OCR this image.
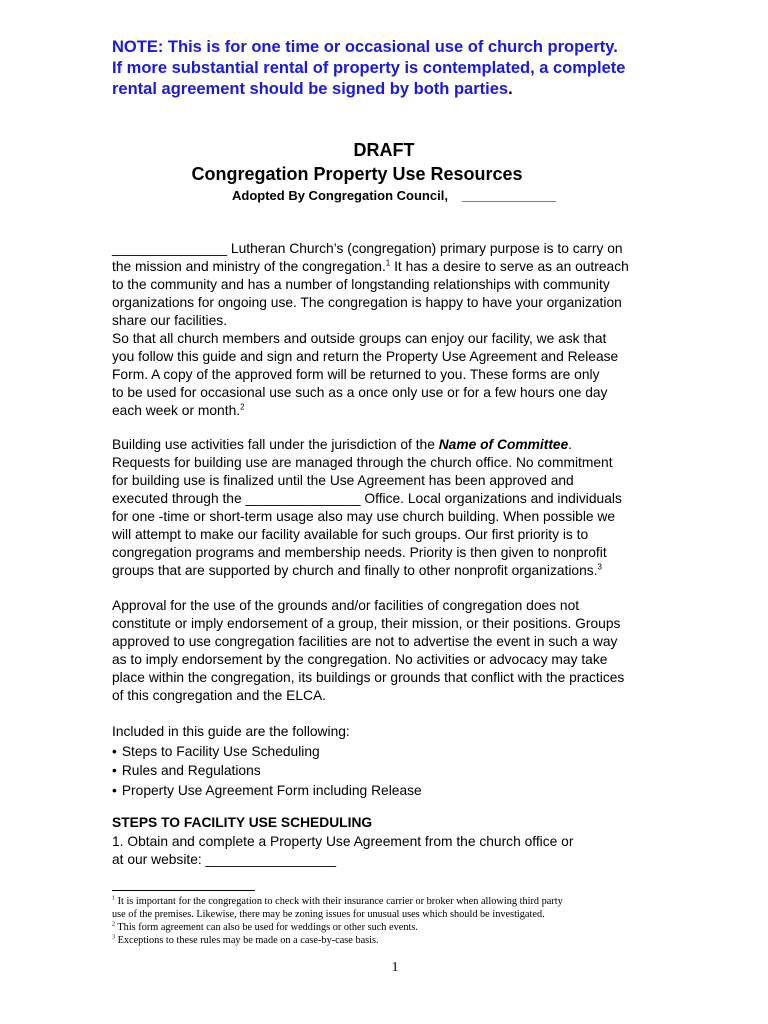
NOTE: This is for one time or occasional use of church property.
If more substantial rental of property is contemplated, a complete
rental agreement should be signed by both parties.
DRAFT
Congregation Property Use Resources
Adopted By Congregation Council, _____________
_______________ Lutheran Church’s (congregation) primary purpose is to carry on
the mission and ministry of the congregation.$^1$ It has a desire to serve as an outreach
to the community and has a number of longstanding relationships with community
organizations for ongoing use. The congregation is happy to have your organization
share our facilities.
So that all church members and outside groups can enjoy our facility, we ask that
you follow this guide and sign and return the Property Use Agreement and Release
Form. A copy of the approved form will be returned to you. These forms are only
to be used for occasional use such as a once only use or for a few hours one day
each week or month.$^2$
Building use activities fall under the jurisdiction of the Name of Committee.
Requests for building use are managed through the church office. No commitment
for building use is finalized until the Use Agreement has been approved and
executed through the _______________ Office. Local organizations and individuals
for one -time or short-term usage also may use church building. When possible we
will attempt to make our facility available for such groups. Our first priority is to
congregation programs and membership needs. Priority is then given to nonprofit
groups that are supported by church and finally to other nonprofit organizations.$^3$
Approval for the use of the grounds and/or facilities of congregation does not
constitute or imply endorsement of a group, their mission, or their positions. Groups
approved to use congregation facilities are not to advertise the event in such a way
as to imply endorsement by the congregation. No activities or advocacy may take
place within the congregation, its buildings or grounds that conflict with the practices
of this congregation and the ELCA.
Included in this guide are the following:
• Steps to Facility Use Scheduling
• Rules and Regulations
• Property Use Agreement Form including Release
STEPS TO FACILITY USE SCHEDULING
1. Obtain and complete a Property Use Agreement from the church office or
at our website: _________________
$^1$ It is important for the congregation to check with their insurance carrier or broker when allowing third party
use of the premises. Likewise, there may be zoning issues for unusual uses which should be investigated.
$^2$ This form agreement can also be used for weddings or other such events.
$^3$ Exceptions to these rules may be made on a case-by-case basis.
1
